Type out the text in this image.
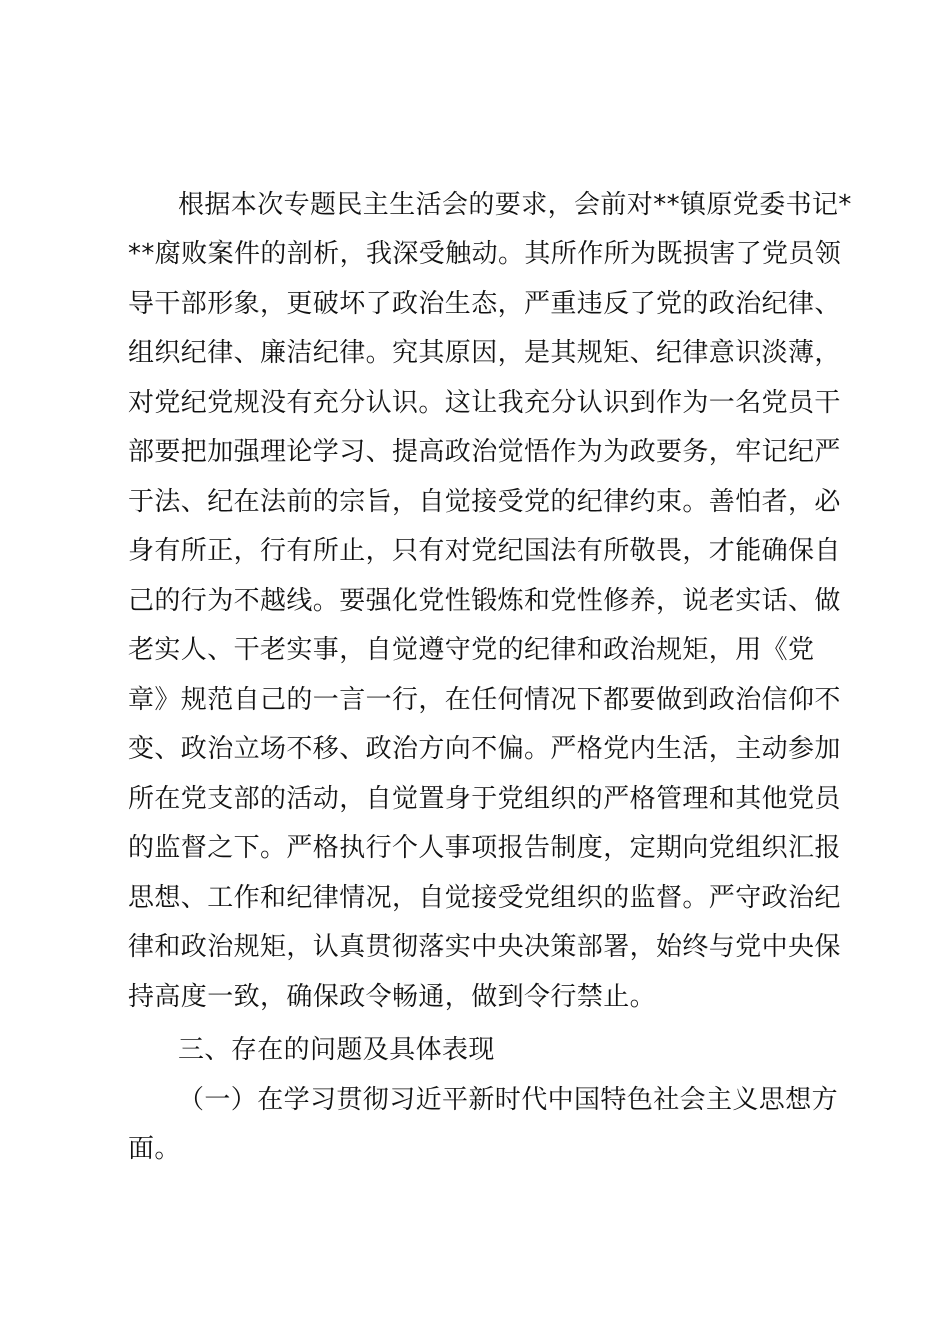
根据本次专题民主生活会的要求，会前对**镇原党委书记*
**腐败案件的剖析，我深受触动。其所作所为既损害了党员领
导干部形象，更破坏了政治生态，严重违反了党的政治纪律、
组织纪律、廉洁纪律。究其原因，是其规矩、纪律意识淡薄，
对党纪党规没有充分认识。这让我充分认识到作为一名党员干
部要把加强理论学习、提高政治觉悟作为为政要务，牢记纪严
于法、纪在法前的宗旨，自觉接受党的纪律约束。善怕者，必
身有所正，行有所止，只有对党纪国法有所敬畏，才能确保自
己的行为不越线。要强化党性锻炼和党性修养，说老实话、做
老实人、干老实事，自觉遵守党的纪律和政治规矩，用《党
章》规范自己的一言一行，在任何情况下都要做到政治信仰不
变、政治立场不移、政治方向不偏。严格党内生活，主动参加
所在党支部的活动，自觉置身于党组织的严格管理和其他党员
的监督之下。严格执行个人事项报告制度，定期向党组织汇报
思想、工作和纪律情况，自觉接受党组织的监督。严守政治纪
律和政治规矩，认真贯彻落实中央决策部署，始终与党中央保
持高度一致，确保政令畅通，做到令行禁止。
三、存在的问题及具体表现
（一）在学习贯彻习近平新时代中国特色社会主义思想方
面。
